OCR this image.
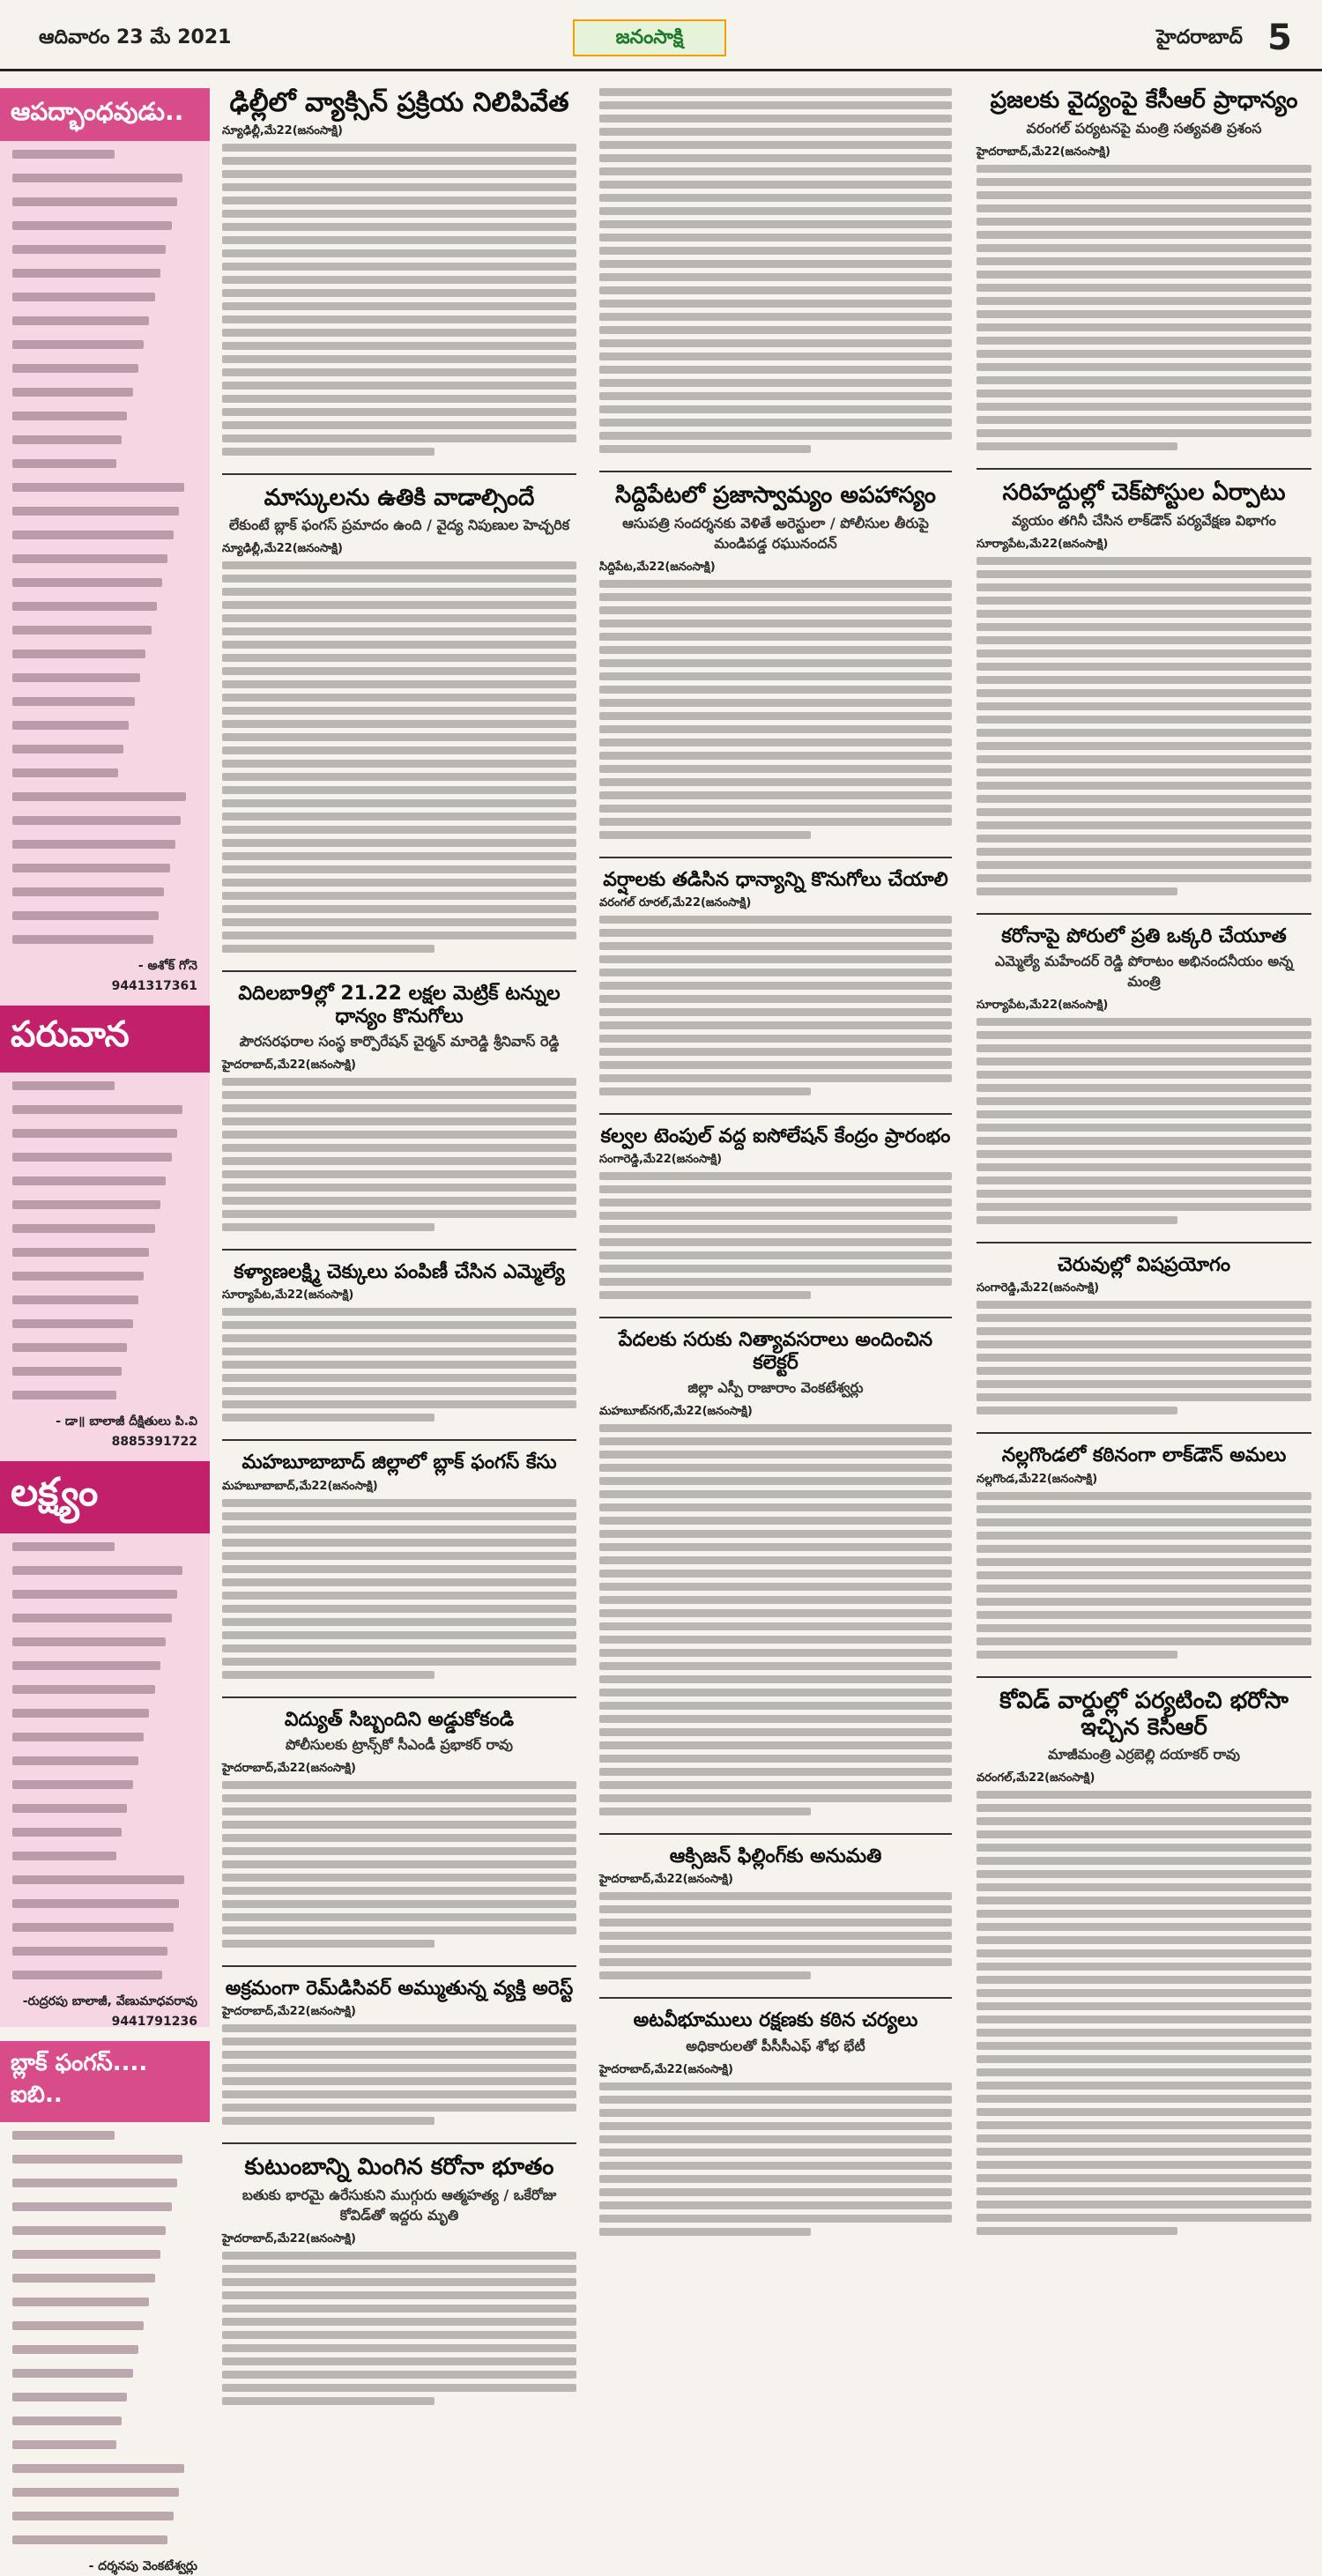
ఆదివారం 23 మే 2021	జనంసాక్షి	హైదరాబాద్ 5
ఆపద్భాంధవుడు..
- అశోక్ గోనె
9441317361
పరువాన
- డా॥ బాలాజీ దీక్షితులు పి.వి
8885391722
లక్ష్యం
-రుద్రరపు బాలాజీ, వేణుమాధవరావు
9441791236
బ్లాక్ ఫంగస్.... ఐబి..
- దర్శనపు వెంకటేశ్వర్లు
ఢిల్లీలో వ్యాక్సిన్ ప్రక్రియ నిలిపివేత
న్యూఢిల్లీ,మే22(జనంసాక్షి)
మాస్కులను ఉతికి వాడాల్సిందే
లేకుంటే బ్లాక్ ఫంగస్ ప్రమాదం ఉంది / వైద్య నిపుణుల హెచ్చరిక
న్యూఢిల్లీ,మే22(జనంసాక్షి)
విదిలబా9ల్లో 21.22 లక్షల మెట్రిక్ టన్నుల ధాన్యం కొనుగోలు
పౌరసరఫరాల సంస్థ కార్పొరేషన్ చైర్మన్ మారెడ్డి శ్రీనివాస్ రెడ్డి
హైదరాబాద్,మే22(జనంసాక్షి)
కళ్యాణలక్ష్మి చెక్కులు పంపిణీ చేసిన ఎమ్మెల్యే
సూర్యాపేట,మే22(జనంసాక్షి)
మహబూబాబాద్ జిల్లాలో బ్లాక్ ఫంగస్ కేసు
మహబూబాబాద్,మే22(జనంసాక్షి)
విద్యుత్ సిబ్బందిని అడ్డుకోకండి
పోలీసులకు ట్రాన్స్‌కో సీఎండీ ప్రభాకర్ రావు
హైదరాబాద్,మే22(జనంసాక్షి)
అక్రమంగా రెమ్‌డిసివర్ అమ్ముతున్న వ్యక్తి అరెస్ట్
హైదరాబాద్,మే22(జనంసాక్షి)
కుటుంబాన్ని మింగిన కరోనా భూతం
బతుకు భారమై ఉరేసుకుని ముగ్గురు ఆత్మహత్య / ఒకేరోజు కోవిడ్‌తో ఇద్దరు మృతి
హైదరాబాద్,మే22(జనంసాక్షి)
సిద్దిపేటలో ప్రజాస్వామ్యం అపహాస్యం
ఆసుపత్రి సందర్శనకు వెళితే అరెస్టులా / పోలీసుల తీరుపై మండిపడ్డ రఘునందన్
సిద్దిపేట,మే22(జనంసాక్షి)
వర్షాలకు తడిసిన ధాన్యాన్ని కొనుగోలు చేయాలి
వరంగల్ రూరల్,మే22(జనంసాక్షి)
కల్వల టెంపుల్ వద్ద ఐసోలేషన్ కేంద్రం ప్రారంభం
సంగారెడ్డి,మే22(జనంసాక్షి)
పేదలకు సరుకు నిత్యావసరాలు అందించిన కలెక్టర్
జిల్లా ఎస్పీ రాజారాం వెంకటేశ్వర్లు
మహబూబ్‌నగర్,మే22(జనంసాక్షి)
ఆక్సిజన్ ఫిల్లింగ్‌కు అనుమతి
హైదరాబాద్,మే22(జనంసాక్షి)
అటవీభూములు రక్షణకు కఠిన చర్యలు
అధికారులతో పీసీసీఎఫ్ శోభ భేటీ
హైదరాబాద్,మే22(జనంసాక్షి)
ప్రజలకు వైద్యంపై కేసీఆర్ ప్రాధాన్యం
వరంగల్ పర్యటనపై మంత్రి సత్యవతి ప్రశంస
హైదరాబాద్,మే22(జనంసాక్షి)
సరిహద్దుల్లో చెక్‌పోస్టుల ఏర్పాటు
వ్యయం తగినీ చేసిన లాక్‌డౌన్ పర్యవేక్షణ విభాగం
సూర్యాపేట,మే22(జనంసాక్షి)
కరోనాపై పోరులో ప్రతి ఒక్కరి చేయూత
ఎమ్మెల్యే మహేందర్ రెడ్డి పోరాటం అభినందనీయం అన్న మంత్రి
సూర్యాపేట,మే22(జనంసాక్షి)
చెరువుల్లో విషప్రయోగం
సంగారెడ్డి,మే22(జనంసాక్షి)
నల్లగొండలో కఠినంగా లాక్‌డౌన్ అమలు
నల్లగొండ,మే22(జనంసాక్షి)
కోవిడ్ వార్డుల్లో పర్యటించి భరోసా ఇచ్చిన కెసిఆర్
మాజీమంత్రి ఎర్రబెల్లి దయాకర్ రావు
వరంగల్,మే22(జనంసాక్షి)
